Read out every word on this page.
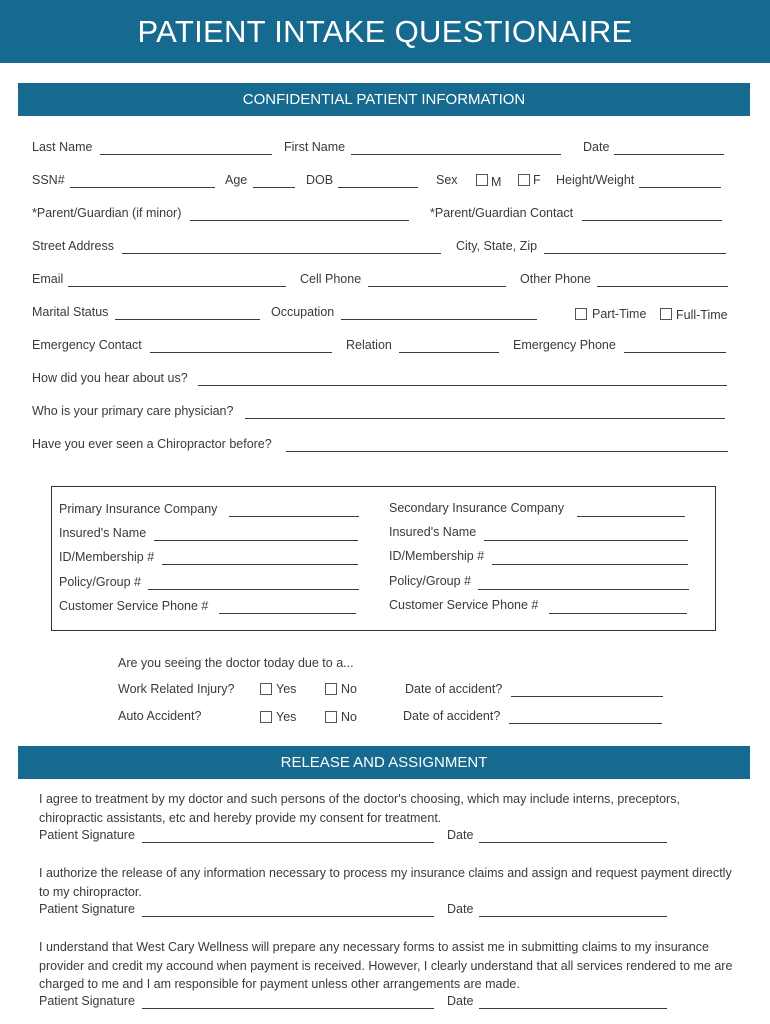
PATIENT INTAKE QUESTIONAIRE
CONFIDENTIAL PATIENT INFORMATION
Last Name	First Name	Date
SSN#	Age	DOB	Sex	M	F Height/Weight
*Parent/Guardian (if minor)	*Parent/Guardian Contact
Street Address	City, State, Zip
Email	Cell Phone	Other Phone
Marital Status	Occupation	Part-Time Full-Time
Emergency Contact	Relation	Emergency Phone
How did you hear about us?
Who is your primary care physician?
Have you ever seen a Chiropractor before?
Primary Insurance Company	Secondary Insurance Company
Insured's Name	Insured's Name
ID/Membership #	ID/Membership #
Policy/Group #	Policy/Group #
Customer Service Phone #	Customer Service Phone #
Are you seeing the doctor today due to a...
Work Related Injury?	Yes	No	Date of accident?
Auto Accident?	Yes	No	Date of accident?
RELEASE AND ASSIGNMENT
I agree to treatment by my doctor and such persons of the doctor's choosing, which may include interns, preceptors, chiropractic assistants, etc and hereby provide my consent for treatment.
Patient Signature	Date
I authorize the release of any information necessary to process my insurance claims and assign and request payment directly to my chiropractor.
Patient Signature	Date
I understand that West Cary Wellness will prepare any necessary forms to assist me in submitting claims to my insurance provider and credit my accound when payment is received. However, I clearly understand that all services rendered to me are charged to me and I am responsible for payment unless other arrangements are made.
Patient Signature	Date
